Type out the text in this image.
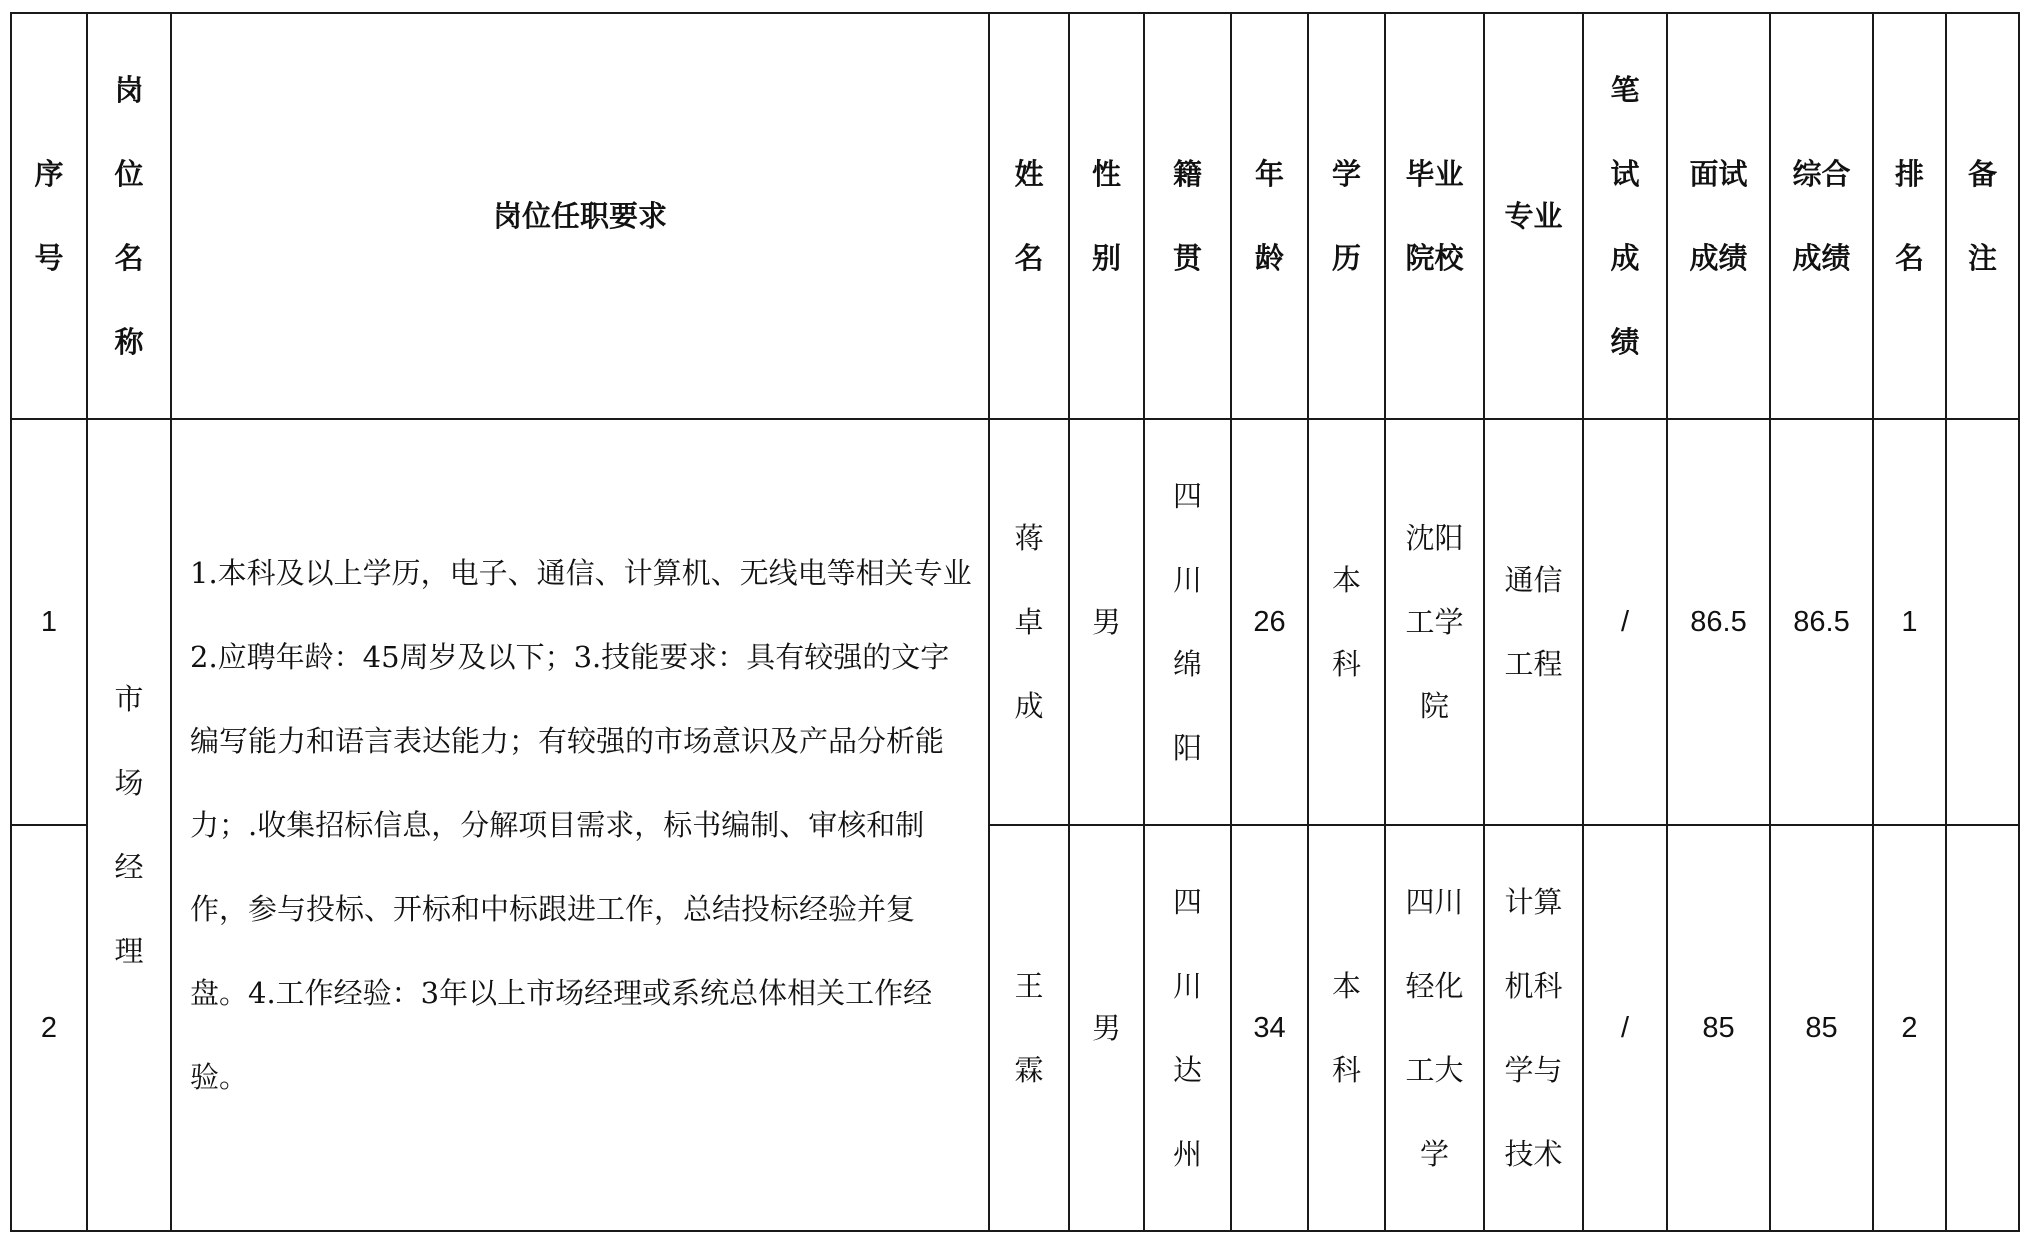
序号	岗位名称	岗位任职要求	姓名	性别	籍贯	年龄	学历	毕业院校	专业	笔试成绩	面试成绩	综合成绩	排名	备注
1	市场经理	1.本科及以上学历，电子、通信、计算机、无线电等相关专业2.应聘年龄：45周岁及以下；3.技能要求：具有较强的文字编写能力和语言表达能力；有较强的市场意识及产品分析能力；.收集招标信息，分解项目需求，标书编制、审核和制作，参与投标、开标和中标跟进工作，总结投标经验并复盘。4.工作经验：3年以上市场经理或系统总体相关工作经验。	蒋卓成	男	四川绵阳	26	本科	沈阳工学院	通信工程	/	86.5	86.5	1	
2			王霖	男	四川达州	34	本科	四川轻化工大学	计算机科学与技术	/	85	85	2	
